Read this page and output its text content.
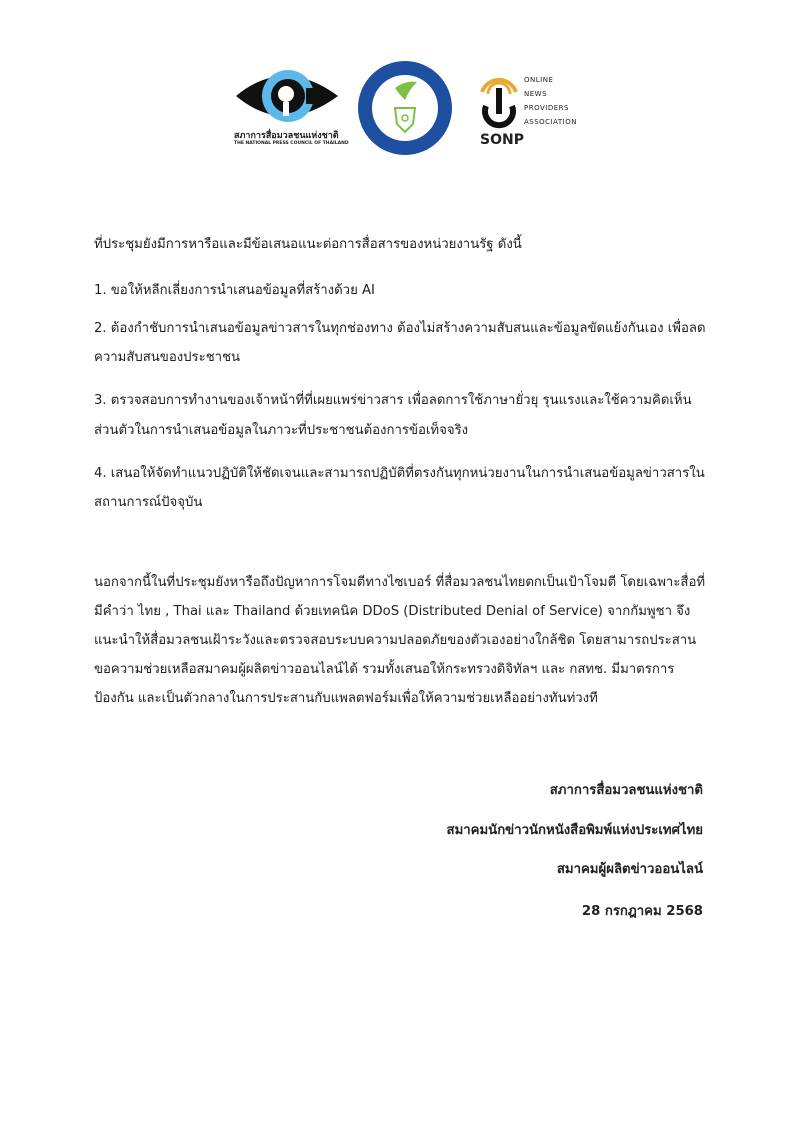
สภาการสื่อมวลชนแห่งชาติ
THE NATIONAL PRESS COUNCIL OF THAILAND
ONLINE
NEWS
PROVIDERS
ASSOCIATION
SONP
ที่ประชุมยังมีการหารือและมีข้อเสนอแนะต่อการสื่อสารของหน่วยงานรัฐ ดังนี้
1. ขอให้หลีกเลี่ยงการนำเสนอข้อมูลที่สร้างด้วย AI
2. ต้องกำชับการนำเสนอข้อมูลข่าวสารในทุกช่องทาง ต้องไม่สร้างความสับสนและข้อมูลขัดแย้งกันเอง เพื่อลด
ความสับสนของประชาชน
3. ตรวจสอบการทำงานของเจ้าหน้าที่ที่เผยแพร่ข่าวสาร เพื่อลดการใช้ภาษายั่วยุ รุนแรงและใช้ความคิดเห็น
ส่วนตัวในการนำเสนอข้อมูลในภาวะที่ประชาชนต้องการข้อเท็จจริง
4. เสนอให้จัดทำแนวปฏิบัติให้ชัดเจนและสามารถปฏิบัติที่ตรงกันทุกหน่วยงานในการนำเสนอข้อมูลข่าวสารใน
สถานการณ์ปัจจุบัน
นอกจากนี้ในที่ประชุมยังหารือถึงปัญหาการโจมตีทางไซเบอร์ ที่สื่อมวลชนไทยตกเป็นเป้าโจมตี โดยเฉพาะสื่อที่
มีคำว่า ไทย , Thai และ Thailand ด้วยเทคนิค DDoS (Distributed Denial of Service) จากกัมพูชา จึง
แนะนำให้สื่อมวลชนเฝ้าระวังและตรวจสอบระบบความปลอดภัยของตัวเองอย่างใกล้ชิด โดยสามารถประสาน
ขอความช่วยเหลือสมาคมผู้ผลิตข่าวออนไลน์ได้ รวมทั้งเสนอให้กระทรวงดิจิทัลฯ และ กสทช. มีมาตรการ
ป้องกัน และเป็นตัวกลางในการประสานกับแพลตฟอร์มเพื่อให้ความช่วยเหลืออย่างทันท่วงที
สภาการสื่อมวลชนแห่งชาติ
สมาคมนักข่าวนักหนังสือพิมพ์แห่งประเทศไทย
สมาคมผู้ผลิตข่าวออนไลน์
28 กรกฎาคม 2568
